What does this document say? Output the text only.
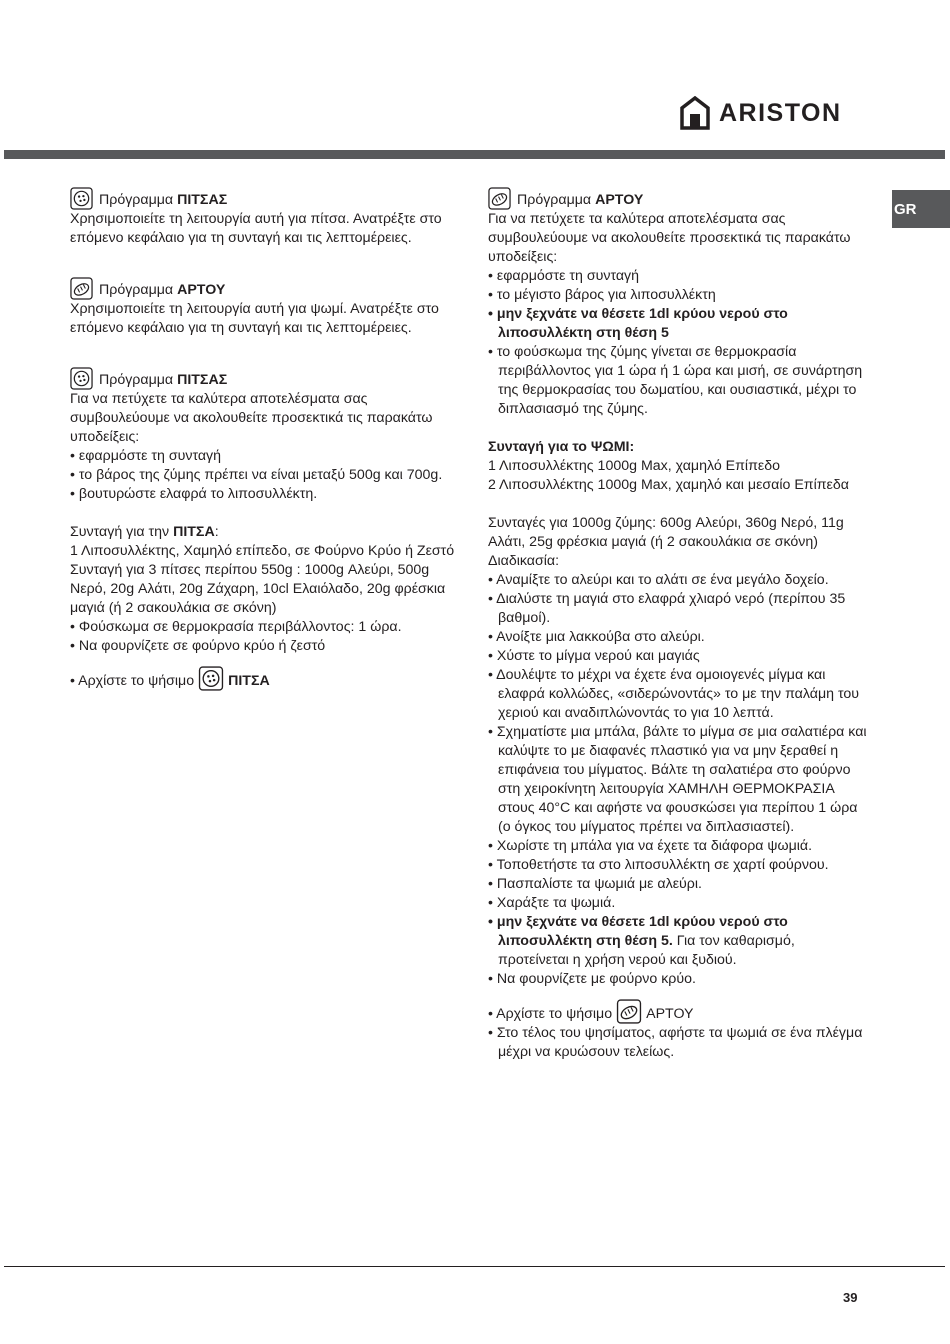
ARISTON
GR
Πρόγραμμα ΠΙΤΣΑΣ

Χρησιμοποιείτε τη λειτουργία αυτή για πίτσα. Ανατρέξτε στο επόμενο κεφάλαιο για τη συνταγή και τις λεπτομέρειες.

Πρόγραμμα ΑΡΤΟΥ

Χρησιμοποιείτε τη λειτουργία αυτή για ψωμί. Ανατρέξτε στο επόμενο κεφάλαιο για τη συνταγή και τις λεπτομέρειες.

Πρόγραμμα ΠΙΤΣΑΣ

Για να πετύχετε τα καλύτερα αποτελέσματα σας συμβουλεύουμε να ακολουθείτε προσεκτικά τις παρακάτω υποδείξεις:

• εφαρμόστε τη συνταγή

• το βάρος της ζύμης πρέπει να είναι μεταξύ 500g και 700g.

• βουτυρώστε ελαφρά το λιποσυλλέκτη.

Συνταγή για την ΠΙΤΣΑ:

1 Λιποσυλλέκτης, Χαμηλό επίπεδο, σε Φούρνο Κρύο ή Ζεστό

Συνταγή για 3 πίτσες περίπου 550g : 1000g Αλεύρι, 500g Νερό, 20g Αλάτι, 20g Ζάχαρη, 10cl Ελαιόλαδο, 20g φρέσκια μαγιά (ή 2 σακουλάκια σε σκόνη)

• Φούσκωμα σε θερμοκρασία περιβάλλοντος: 1 ώρα.

• Να φουρνίζετε σε φούρνο κρύο ή ζεστό

• Αρχίστε το ψήσιμο ΠΙΤΣΑ

Πρόγραμμα ΑΡΤΟΥ

Για να πετύχετε τα καλύτερα αποτελέσματα σας συμβουλεύουμε να ακολουθείτε προσεκτικά τις παρακάτω υποδείξεις:

• εφαρμόστε τη συνταγή

• το μέγιστο βάρος για λιποσυλλέκτη

• μην ξεχνάτε να θέσετε 1dl κρύου νερού στο λιποσυλλέκτη στη θέση 5

• το φούσκωμα της ζύμης γίνεται σε θερμοκρασία περιβάλλοντος για 1 ώρα ή 1 ώρα και μισή, σε συνάρτηση της θερμοκρασίας του δωματίου, και ουσιαστικά, μέχρι το διπλασιασμό της ζύμης.

Συνταγή για το ΨΩΜΙ:

1 Λιποσυλλέκτης 1000g Max, χαμηλό Επίπεδο

2 Λιποσυλλέκτης 1000g Max, χαμηλό και μεσαίο Επίπεδα

Συνταγές για 1000g ζύμης: 600g Αλεύρι, 360g Νερό, 11g Αλάτι, 25g φρέσκια μαγιά (ή 2 σακουλάκια σε σκόνη)

Διαδικασία:

• Αναμίξτε το αλεύρι και το αλάτι σε ένα μεγάλο δοχείο.

• Διαλύστε τη μαγιά στο ελαφρά χλιαρό νερό (περίπου 35 βαθμοί).

• Ανοίξτε μια λακκούβα στο αλεύρι.

• Χύστε το μίγμα νερού και μαγιάς

• Δουλέψτε το μέχρι να έχετε ένα ομοιογενές μίγμα και ελαφρά κολλώδες, «σιδερώνοντάς» το με την παλάμη του χεριού και αναδιπλώνοντάς το για 10 λεπτά.

• Σχηματίστε μια μπάλα, βάλτε το μίγμα σε μια σαλατιέρα και καλύψτε το με διαφανές πλαστικό για να μην ξεραθεί η επιφάνεια του μίγματος. Βάλτε τη σαλατιέρα στο φούρνο στη χειροκίνητη λειτουργία ΧΑΜΗΛΗ ΘΕΡΜΟΚΡΑΣΙΑ στους 40°C και αφήστε να φουσκώσει για περίπου 1 ώρα (ο όγκος του μίγματος πρέπει να διπλασιαστεί).

• Χωρίστε τη μπάλα για να έχετε τα διάφορα ψωμιά.

• Τοποθετήστε τα στο λιποσυλλέκτη σε χαρτί φούρνου.

• Πασπαλίστε τα ψωμιά με αλεύρι.

• Χαράξτε τα ψωμιά.

• μην ξεχνάτε να θέσετε 1dl κρύου νερού στο λιποσυλλέκτη στη θέση 5. Για τον καθαρισμό, προτείνεται η χρήση νερού και ξυδιού.

• Να φουρνίζετε με φούρνο κρύο.

• Αρχίστε το ψήσιμο ΑΡΤΟΥ

• Στο τέλος του ψησίματος, αφήστε τα ψωμιά σε ένα πλέγμα μέχρι να κρυώσουν τελείως.

39
